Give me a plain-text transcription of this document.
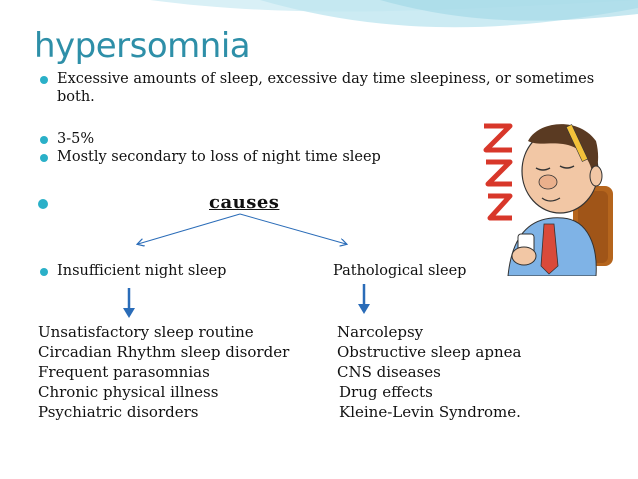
hypersomnia
Excessive amounts of sleep, excessive day time sleepiness, or sometimes
both.
3-5%
Mostly secondary to loss of night time sleep
causes
Insufficient night sleep	Pathological sleep
Unsatisfactory sleep routine
Circadian Rhythm sleep disorder
Frequent parasomnias
Chronic physical illness
Psychiatric disorders
Narcolepsy
Obstructive sleep apnea
CNS diseases
Drug effects
Kleine-Levin Syndrome.
